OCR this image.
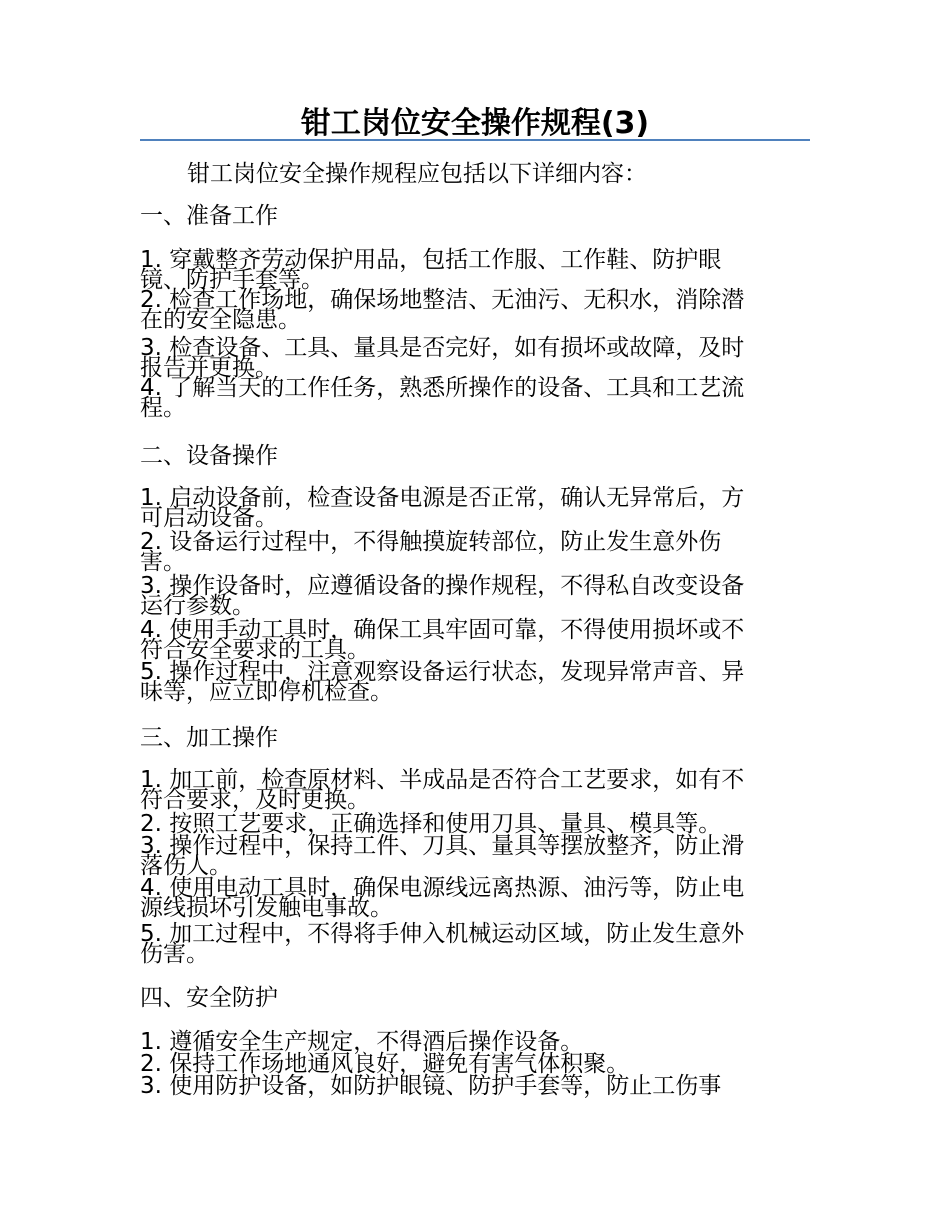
钳工岗位安全操作规程(3)
钳工岗位安全操作规程应包括以下详细内容：
一、准备工作
1. 穿戴整齐劳动保护用品，包括工作服、工作鞋、防护眼
镜、防护手套等。
2. 检查工作场地，确保场地整洁、无油污、无积水，消除潜
在的安全隐患。
3. 检查设备、工具、量具是否完好，如有损坏或故障，及时
报告并更换。
4. 了解当天的工作任务，熟悉所操作的设备、工具和工艺流
程。
二、设备操作
1. 启动设备前，检查设备电源是否正常，确认无异常后，方
可启动设备。
2. 设备运行过程中，不得触摸旋转部位，防止发生意外伤
害。
3. 操作设备时，应遵循设备的操作规程，不得私自改变设备
运行参数。
4. 使用手动工具时，确保工具牢固可靠，不得使用损坏或不
符合安全要求的工具。
5. 操作过程中，注意观察设备运行状态，发现异常声音、异
味等，应立即停机检查。
三、加工操作
1. 加工前，检查原材料、半成品是否符合工艺要求，如有不
符合要求，及时更换。
2. 按照工艺要求，正确选择和使用刀具、量具、模具等。
3. 操作过程中，保持工件、刀具、量具等摆放整齐，防止滑
落伤人。
4. 使用电动工具时，确保电源线远离热源、油污等，防止电
源线损坏引发触电事故。
5. 加工过程中，不得将手伸入机械运动区域，防止发生意外
伤害。
四、安全防护
1. 遵循安全生产规定，不得酒后操作设备。
2. 保持工作场地通风良好，避免有害气体积聚。
3. 使用防护设备，如防护眼镜、防护手套等，防止工伤事
